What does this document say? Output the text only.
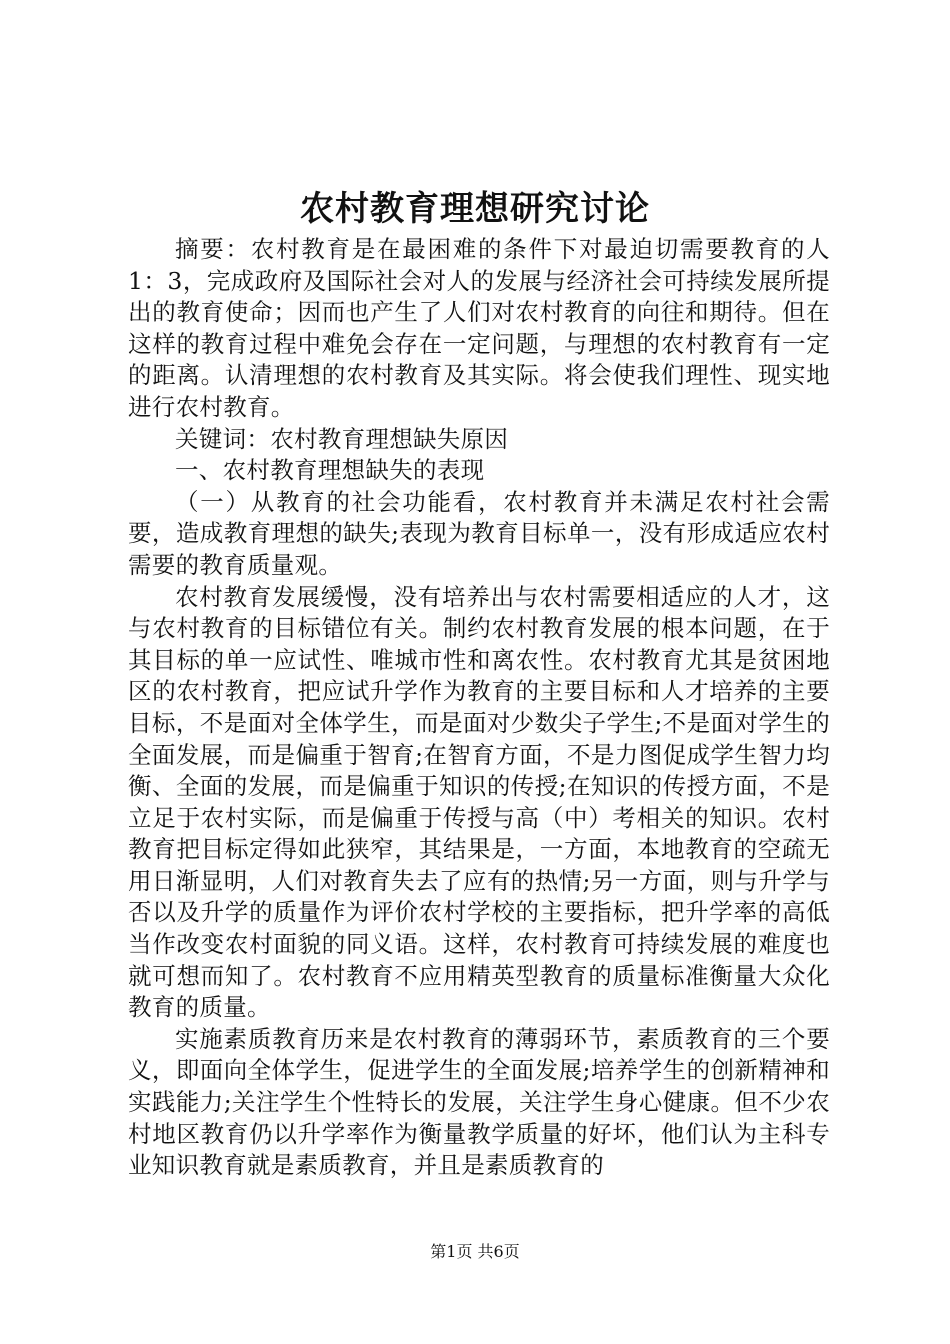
农村教育理想研究讨论

摘要：农村教育是在最困难的条件下对最迫切需要教育的人1：3，完成政府及国际社会对人的发展与经济社会可持续发展所提出的教育使命；因而也产生了人们对农村教育的向往和期待。但在这样的教育过程中难免会存在一定问题，与理想的农村教育有一定的距离。认清理想的农村教育及其实际。将会使我们理性、现实地进行农村教育。

关键词：农村教育理想缺失原因

一、农村教育理想缺失的表现

（一）从教育的社会功能看，农村教育并未满足农村社会需要，造成教育理想的缺失;表现为教育目标单一，没有形成适应农村需要的教育质量观。

农村教育发展缓慢，没有培养出与农村需要相适应的人才，这与农村教育的目标错位有关。制约农村教育发展的根本问题，在于其目标的单一应试性、唯城市性和离农性。农村教育尤其是贫困地区的农村教育，把应试升学作为教育的主要目标和人才培养的主要目标，不是面对全体学生，而是面对少数尖子学生;不是面对学生的全面发展，而是偏重于智育;在智育方面，不是力图促成学生智力均衡、全面的发展，而是偏重于知识的传授;在知识的传授方面，不是立足于农村实际，而是偏重于传授与高（中）考相关的知识。农村教育把目标定得如此狭窄，其结果是，一方面，本地教育的空疏无用日渐显明，人们对教育失去了应有的热情;另一方面，则与升学与否以及升学的质量作为评价农村学校的主要指标，把升学率的高低当作改变农村面貌的同义语。这样，农村教育可持续发展的难度也就可想而知了。农村教育不应用精英型教育的质量标准衡量大众化教育的质量。

实施素质教育历来是农村教育的薄弱环节，素质教育的三个要义，即面向全体学生，促进学生的全面发展;培养学生的创新精神和实践能力;关注学生个性特长的发展，关注学生身心健康。但不少农村地区教育仍以升学率作为衡量教学质量的好坏，他们认为主科专业知识教育就是素质教育，并且是素质教育的

第1页 共6页
